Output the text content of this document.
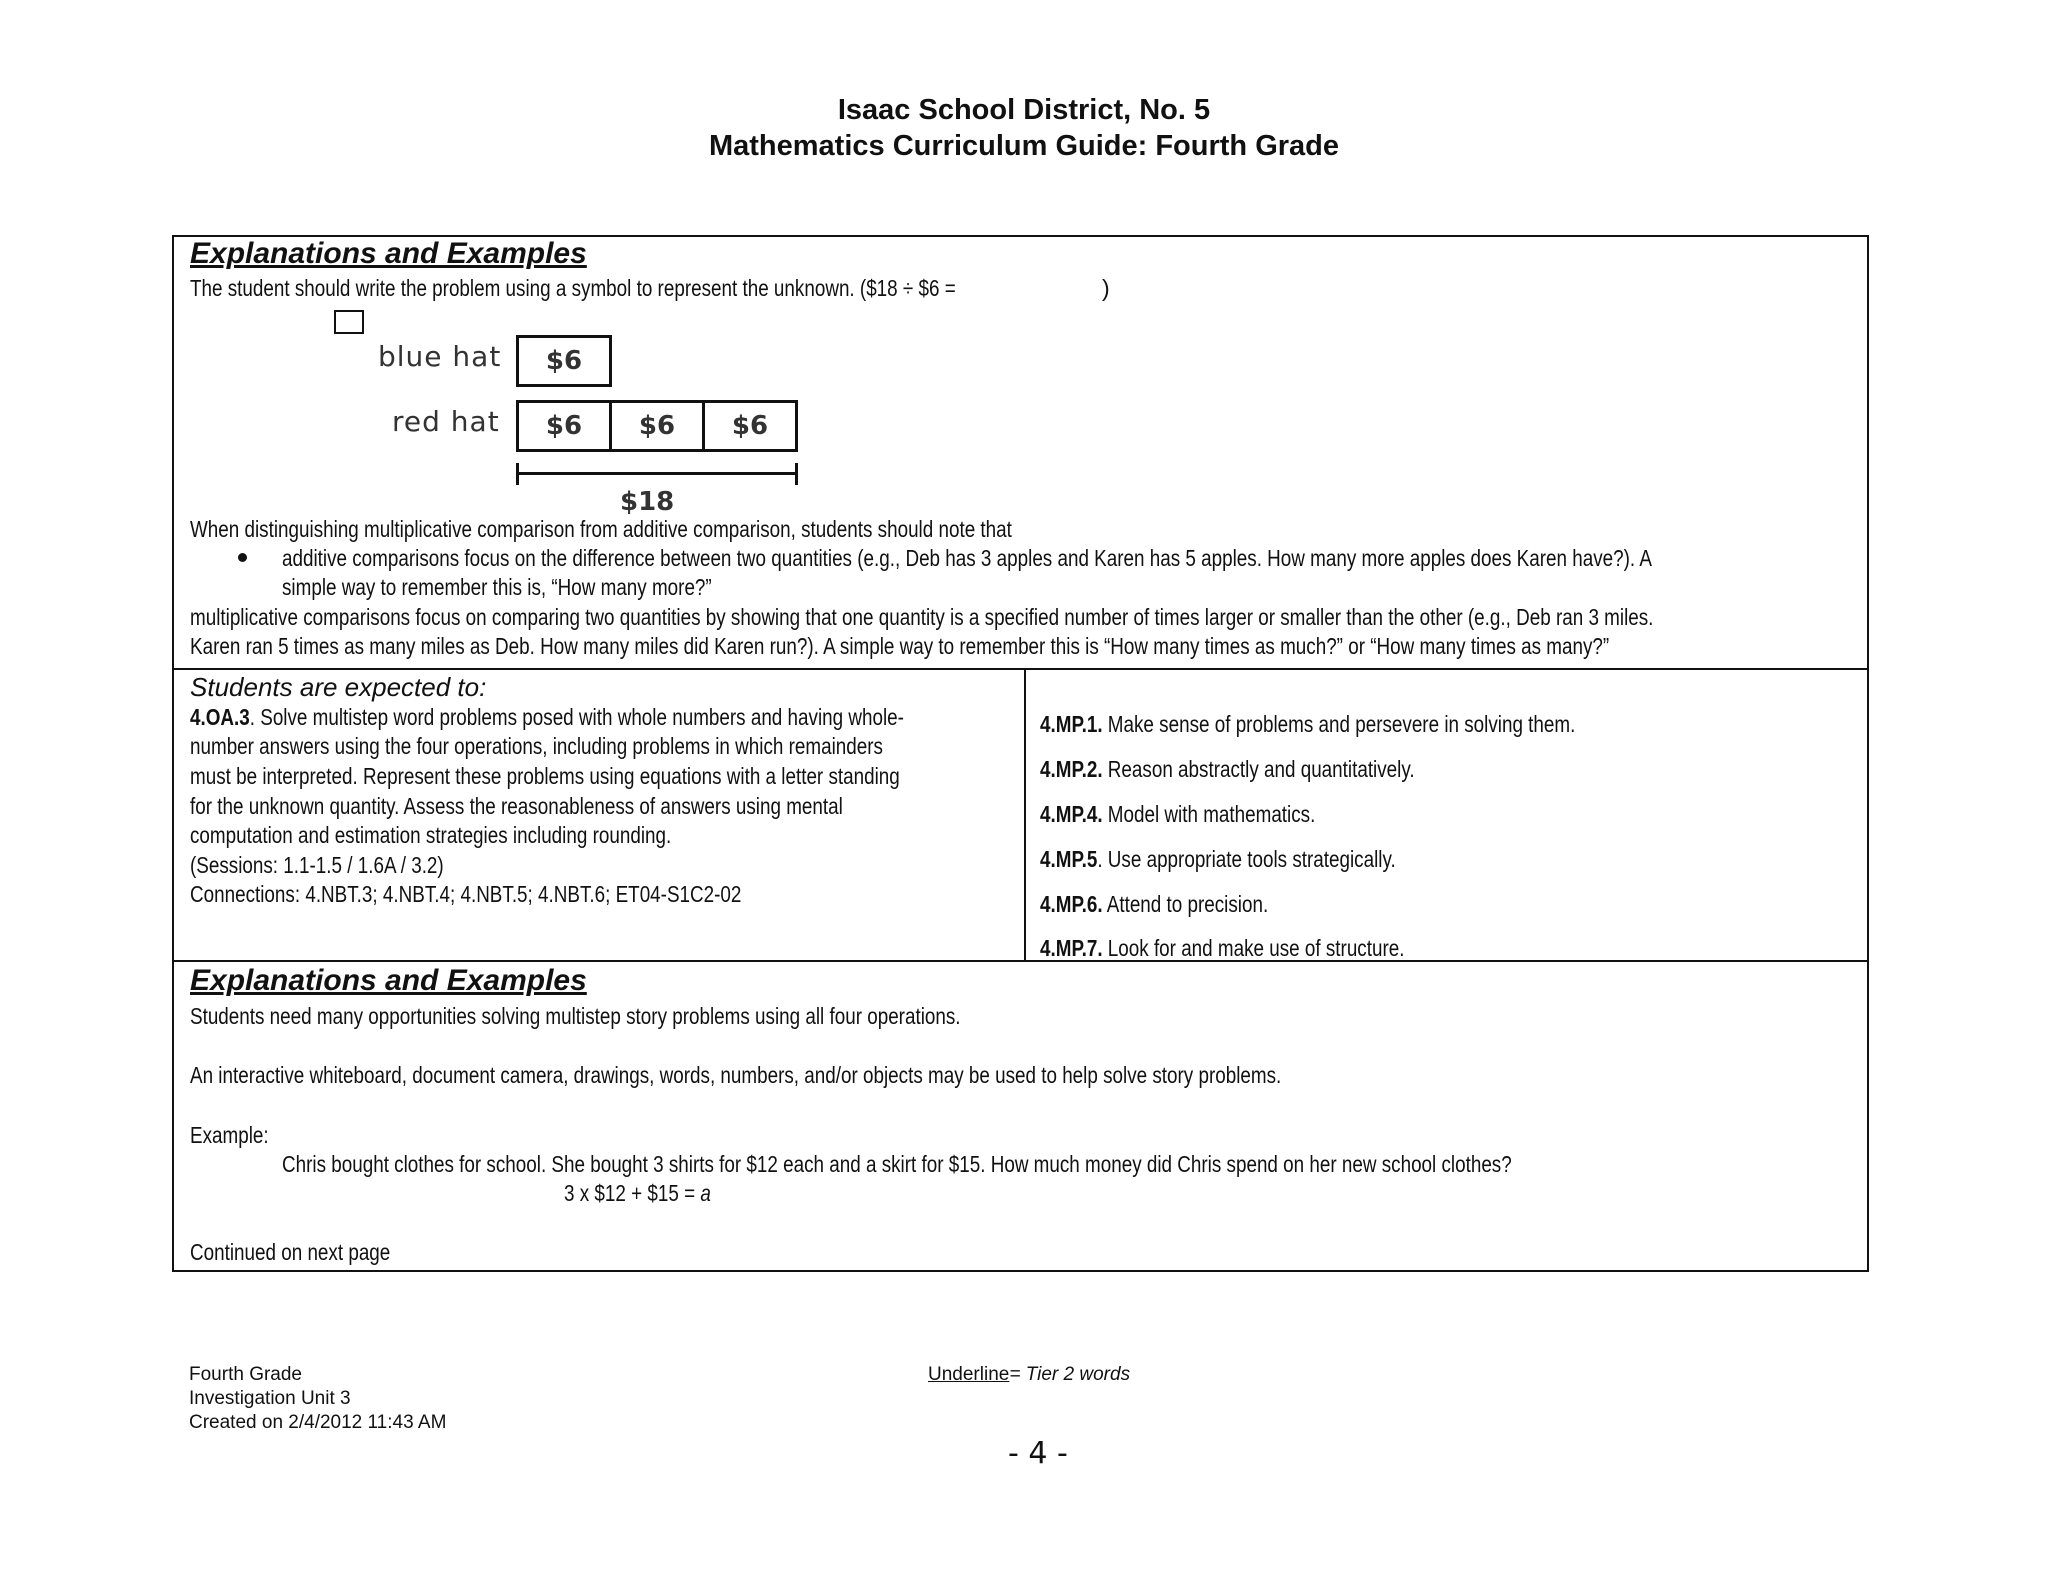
Isaac School District, No. 5
Mathematics Curriculum Guide: Fourth Grade
Explanations and Examples
The student should write the problem using a symbol to represent the unknown. ($18 ÷ $6 =	)
blue hat	$6
red hat	$6	$6	$6
$18
When distinguishing multiplicative comparison from additive comparison, students should note that
additive comparisons focus on the difference between two quantities (e.g., Deb has 3 apples and Karen has 5 apples. How many more apples does Karen have?). A
simple way to remember this is, “How many more?”
multiplicative comparisons focus on comparing two quantities by showing that one quantity is a specified number of times larger or smaller than the other (e.g., Deb ran 3 miles.
Karen ran 5 times as many miles as Deb. How many miles did Karen run?). A simple way to remember this is “How many times as much?” or “How many times as many?”
Students are expected to:
4.OA.3. Solve multistep word problems posed with whole numbers and having whole-
number answers using the four operations, including problems in which remainders
must be interpreted. Represent these problems using equations with a letter standing
for the unknown quantity. Assess the reasonableness of answers using mental
computation and estimation strategies including rounding.
(Sessions: 1.1-1.5 / 1.6A / 3.2)
Connections: 4.NBT.3; 4.NBT.4; 4.NBT.5; 4.NBT.6; ET04-S1C2-02
4.MP.1. Make sense of problems and persevere in solving them.
4.MP.2. Reason abstractly and quantitatively.
4.MP.4. Model with mathematics.
4.MP.5. Use appropriate tools strategically.
4.MP.6. Attend to precision.
4.MP.7. Look for and make use of structure.
Explanations and Examples
Students need many opportunities solving multistep story problems using all four operations.
An interactive whiteboard, document camera, drawings, words, numbers, and/or objects may be used to help solve story problems.
Example:
Chris bought clothes for school. She bought 3 shirts for $12 each and a skirt for $15. How much money did Chris spend on her new school clothes?
3 x $12 + $15 = a
Continued on next page
Fourth Grade
Investigation Unit 3
Created on 2/4/2012 11:43 AM
Underline= Tier 2 words
- 4 -
